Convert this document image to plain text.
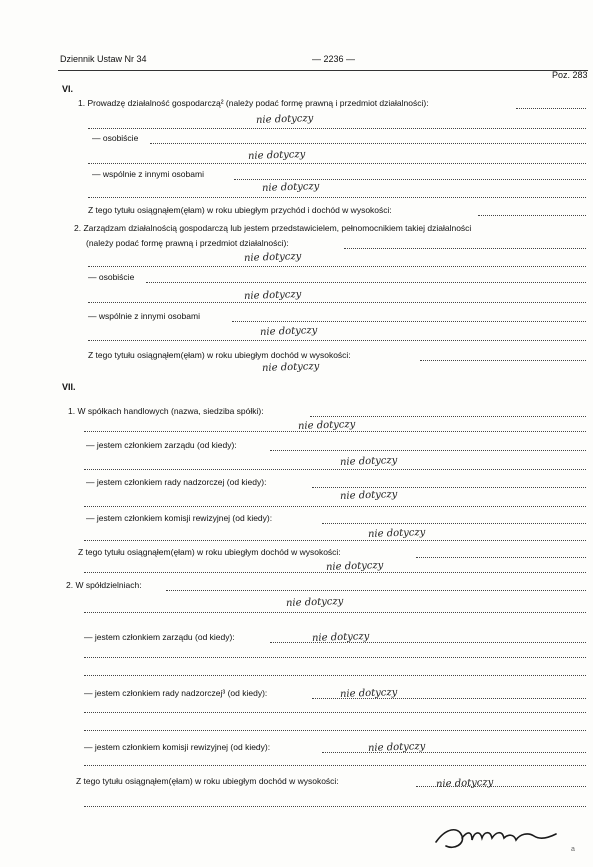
Dziennik Ustaw Nr 34	— 2236 —
Poz. 283
VI.
1. Prowadzę działalność gospodarczą² (należy podać formę prawną i przedmiot działalności):
nie dotyczy
— osobiście
nie dotyczy
— wspólnie z innymi osobami
nie dotyczy
Z tego tytułu osiągnąłem(ęłam) w roku ubiegłym przychód i dochód w wysokości:
2. Zarządzam działalnością gospodarczą lub jestem przedstawicielem, pełnomocnikiem takiej działalności
(należy podać formę prawną i przedmiot działalności):
nie dotyczy
— osobiście
nie dotyczy
— wspólnie z innymi osobami
nie dotyczy
Z tego tytułu osiągnąłem(ęłam) w roku ubiegłym dochód w wysokości:
nie dotyczy
VII.
1. W spółkach handlowych (nazwa, siedziba spółki):
nie dotyczy
— jestem członkiem zarządu (od kiedy):
nie dotyczy
— jestem członkiem rady nadzorczej (od kiedy):
nie dotyczy
— jestem członkiem komisji rewizyjnej (od kiedy):
nie dotyczy
Z tego tytułu osiągnąłem(ęłam) w roku ubiegłym dochód w wysokości:
nie dotyczy
2. W spółdzielniach:
nie dotyczy
— jestem członkiem zarządu (od kiedy):	nie dotyczy
— jestem członkiem rady nadzorczej³ (od kiedy):	nie dotyczy
— jestem członkiem komisji rewizyjnej (od kiedy):	nie dotyczy
Z tego tytułu osiągnąłem(ęłam) w roku ubiegłym dochód w wysokości:	nie dotyczy
a
